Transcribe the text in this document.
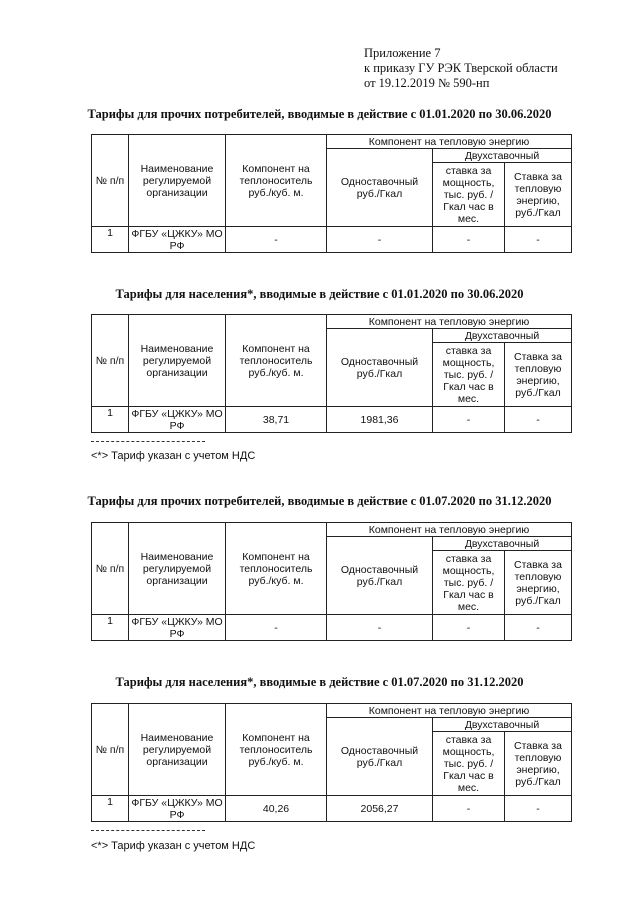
Приложение 7
к приказу ГУ РЭК Тверской области
от 19.12.2019 № 590-нп
Тарифы для прочих потребителей, вводимые в действие с 01.01.2020 по 30.06.2020
№ п/п	Наименование регулируемой организации	Компонент на теплоноситель руб./куб. м.	Компонент на тепловую энергию		
			Одноставочный руб./Гкал	Двухставочный	
				ставка за мощность, тыс. руб. /Гкал час в мес.	Ставка за тепловую энергию, руб./Гкал
1	ФГБУ «ЦЖКУ» МО РФ	-	-	-	-
Тарифы для населения*, вводимые в действие с 01.01.2020 по 30.06.2020
№ п/п	Наименование регулируемой организации	Компонент на теплоноситель руб./куб. м.	Компонент на тепловую энергию		
			Одноставочный руб./Гкал	Двухставочный	
				ставка за мощность, тыс. руб. /Гкал час в мес.	Ставка за тепловую энергию, руб./Гкал
1	ФГБУ «ЦЖКУ» МО РФ	38,71	1981,36	-	-
<*> Тариф указан с учетом НДС
Тарифы для прочих потребителей, вводимые в действие с 01.07.2020 по 31.12.2020
№ п/п	Наименование регулируемой организации	Компонент на теплоноситель руб./куб. м.	Компонент на тепловую энергию		
			Одноставочный руб./Гкал	Двухставочный	
				ставка за мощность, тыс. руб. /Гкал час в мес.	Ставка за тепловую энергию, руб./Гкал
1	ФГБУ «ЦЖКУ» МО РФ	-	-	-	-
Тарифы для населения*, вводимые в действие с 01.07.2020 по 31.12.2020
№ п/п	Наименование регулируемой организации	Компонент на теплоноситель руб./куб. м.	Компонент на тепловую энергию		
			Одноставочный руб./Гкал	Двухставочный	
				ставка за мощность, тыс. руб. /Гкал час в мес.	Ставка за тепловую энергию, руб./Гкал
1	ФГБУ «ЦЖКУ» МО РФ	40,26	2056,27	-	-
<*> Тариф указан с учетом НДС
